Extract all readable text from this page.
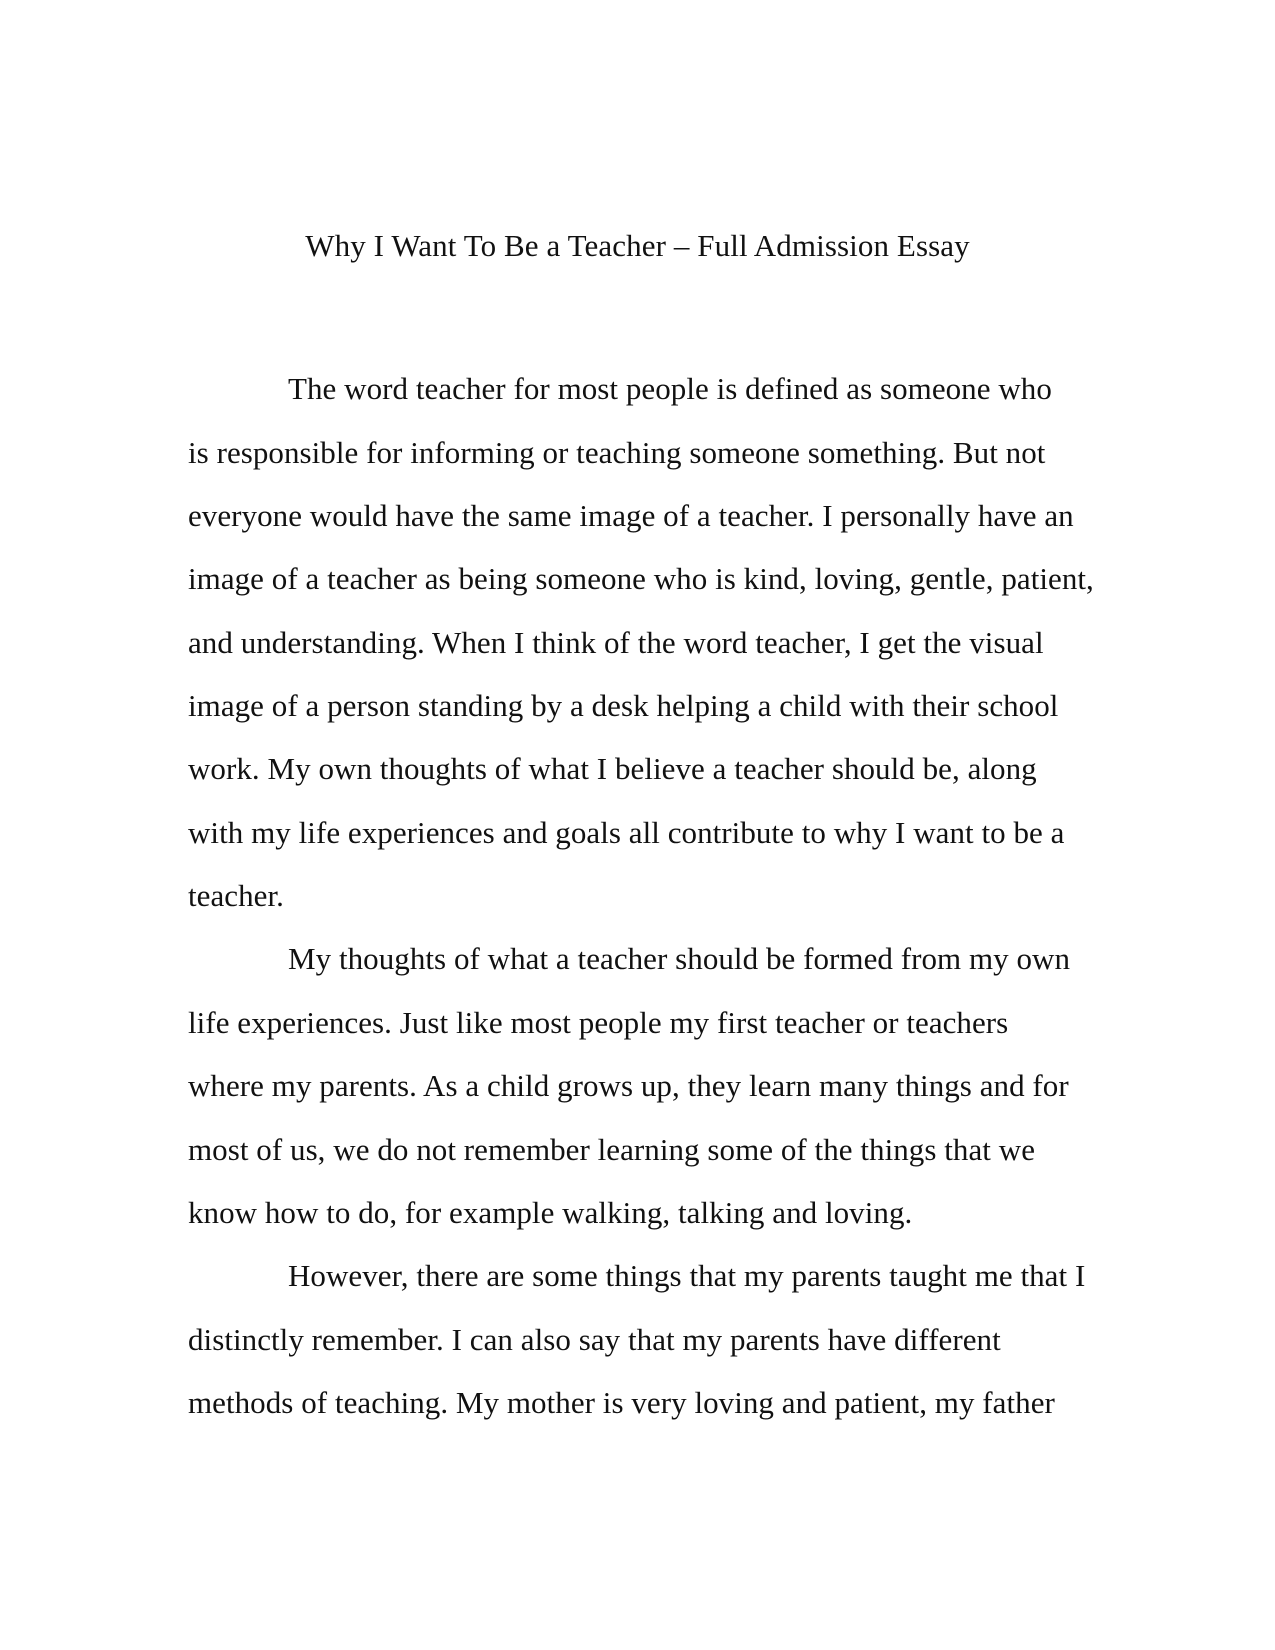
Why I Want To Be a Teacher – Full Admission Essay

The word teacher for most people is defined as someone who

is responsible for informing or teaching someone something. But not

everyone would have the same image of a teacher. I personally have an

image of a teacher as being someone who is kind, loving, gentle, patient,

and understanding. When I think of the word teacher, I get the visual

image of a person standing by a desk helping a child with their school

work. My own thoughts of what I believe a teacher should be, along

with my life experiences and goals all contribute to why I want to be a

teacher.

My thoughts of what a teacher should be formed from my own

life experiences. Just like most people my first teacher or teachers

where my parents. As a child grows up, they learn many things and for

most of us, we do not remember learning some of the things that we

know how to do, for example walking, talking and loving.

However, there are some things that my parents taught me that I

distinctly remember. I can also say that my parents have different

methods of teaching. My mother is very loving and patient, my father
